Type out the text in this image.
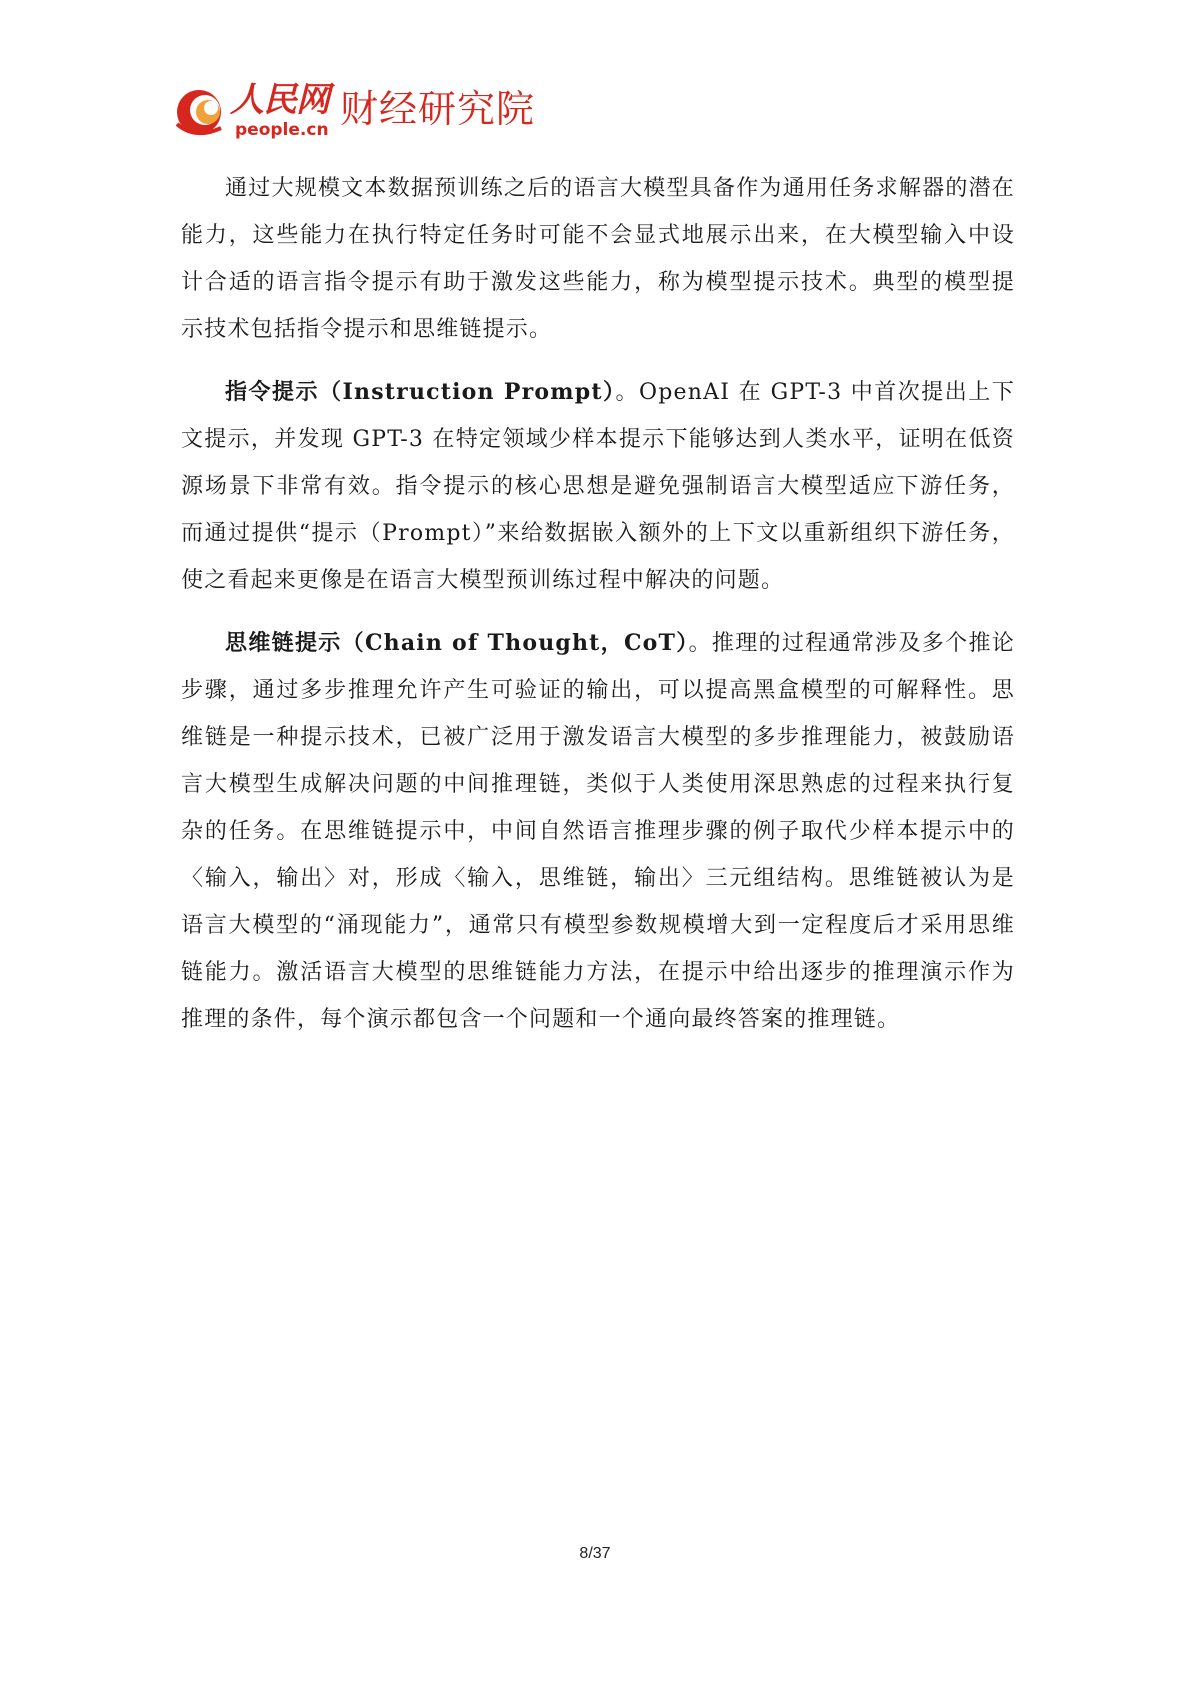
人民网
people.cn 财经研究院

通过大规模文本数据预训练之后的语言大模型具备作为通用任务求解器的潜在能力，这些能力在执行特定任务时可能不会显式地展示出来，在大模型输入中设计合适的语言指令提示有助于激发这些能力，称为模型提示技术。典型的模型提示技术包括指令提示和思维链提示。

指令提示（Instruction Prompt）。OpenAI 在 GPT-3 中首次提出上下文提示，并发现 GPT-3 在特定领域少样本提示下能够达到人类水平，证明在低资源场景下非常有效。指令提示的核心思想是避免强制语言大模型适应下游任务，而通过提供“提示（Prompt）”来给数据嵌入额外的上下文以重新组织下游任务，使之看起来更像是在语言大模型预训练过程中解决的问题。

思维链提示（Chain of Thought，CoT）。推理的过程通常涉及多个推论步骤，通过多步推理允许产生可验证的输出，可以提高黑盒模型的可解释性。思维链是一种提示技术，已被广泛用于激发语言大模型的多步推理能力，被鼓励语言大模型生成解决问题的中间推理链，类似于人类使用深思熟虑的过程来执行复杂的任务。在思维链提示中，中间自然语言推理步骤的例子取代少样本提示中的〈输入，输出〉对，形成〈输入，思维链，输出〉三元组结构。思维链被认为是语言大模型的“涌现能力”，通常只有模型参数规模增大到一定程度后才采用思维链能力。激活语言大模型的思维链能力方法，在提示中给出逐步的推理演示作为推理的条件，每个演示都包含一个问题和一个通向最终答案的推理链。

8/37
